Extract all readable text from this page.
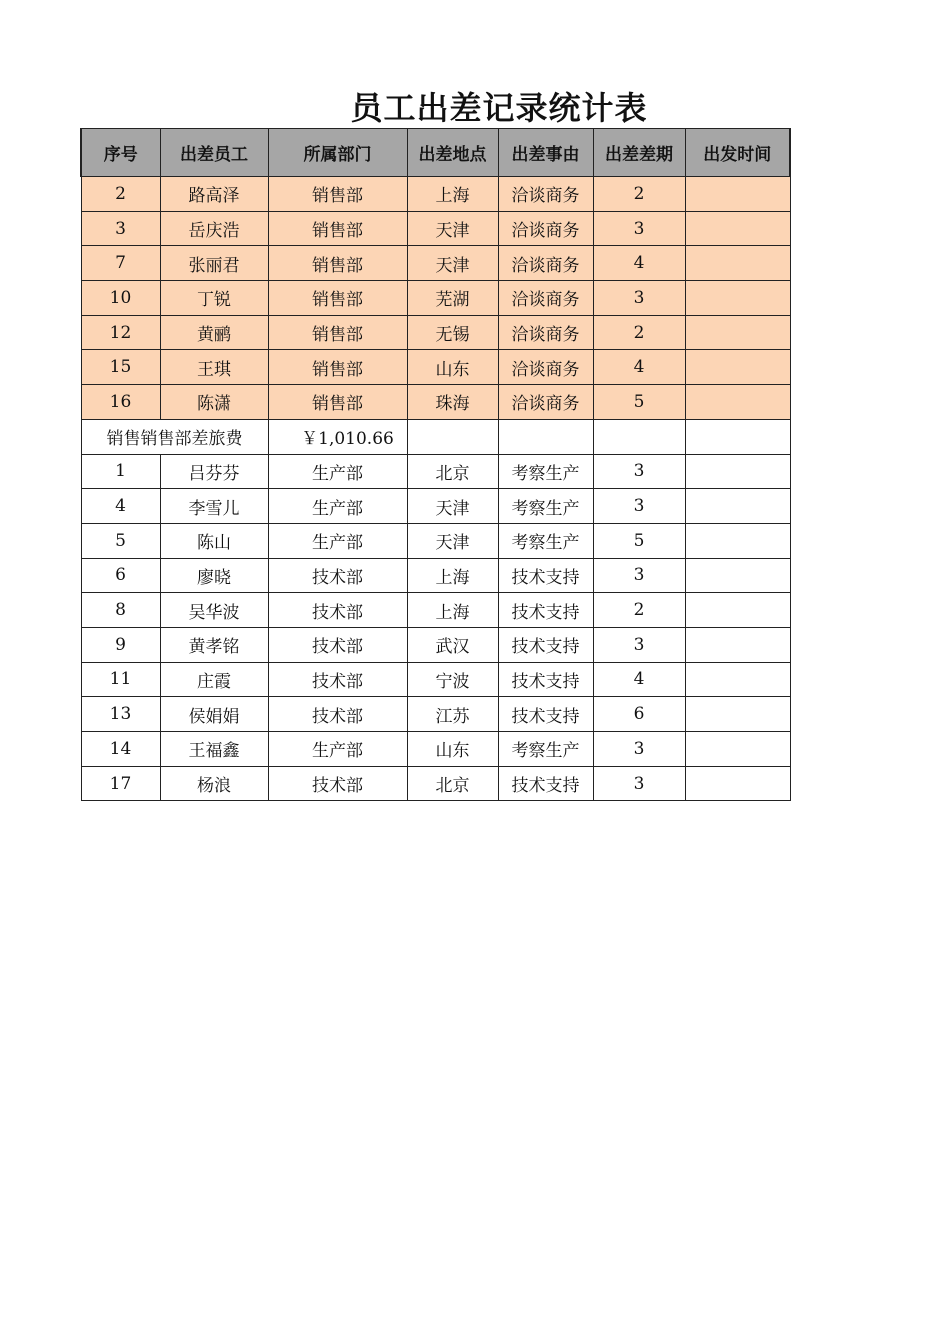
员工出差记录统计表
序号	出差员工	所属部门	出差地点	出差事由	出差差期	出发时间
2	路高泽	销售部	上海	洽谈商务	2	
3	岳庆浩	销售部	天津	洽谈商务	3	
7	张丽君	销售部	天津	洽谈商务	4	
10	丁锐	销售部	芜湖	洽谈商务	3	
12	黄鹂	销售部	无锡	洽谈商务	2	
15	王琪	销售部	山东	洽谈商务	4	
16	陈潇	销售部	珠海	洽谈商务	5	
销售销售部差旅费		￥1,010.66				
1	吕芬芬	生产部	北京	考察生产	3	
4	李雪儿	生产部	天津	考察生产	3	
5	陈山	生产部	天津	考察生产	5	
6	廖晓	技术部	上海	技术支持	3	
8	吴华波	技术部	上海	技术支持	2	
9	黄孝铭	技术部	武汉	技术支持	3	
11	庄霞	技术部	宁波	技术支持	4	
13	侯娟娟	技术部	江苏	技术支持	6	
14	王福鑫	生产部	山东	考察生产	3	
17	杨浪	技术部	北京	技术支持	3	
